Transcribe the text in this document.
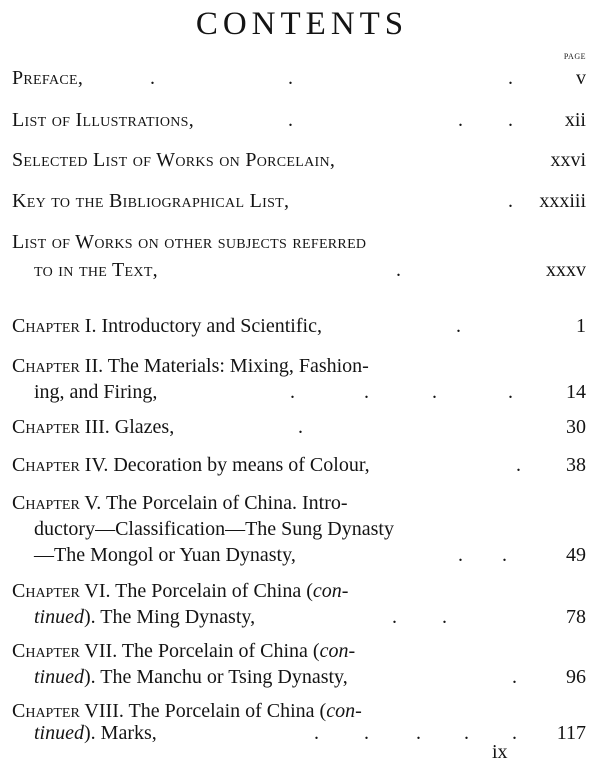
CONTENTS
PAGE
Preface,	.	.	.	v
List of Illustrations,	.	. .	xii
Selected List of Works on Porcelain,	xxvi
Key to the Bibliographical List,	. xxxiii
List of Works on other subjects referred
to in the Text,	.	xxxv
Chapter I. Introductory and Scientific,	.	1
Chapter II. The Materials: Mixing, Fashion-
ing, and Firing,	.	.	.	.	14
Chapter III. Glazes,	.	30
Chapter IV. Decoration by means of Colour,	. 38
Chapter V. The Porcelain of China. Intro-
ductory—Classification—The Sung Dynasty
—The Mongol or Yuan Dynasty,	. .	49
Chapter VI. The Porcelain of China (con-
tinued). The Ming Dynasty,	. .	78
Chapter VII. The Porcelain of China (con-
tinued). The Manchu or Tsing Dynasty,	. 96
Chapter VIII. The Porcelain of China (con-
tinued). Marks,	. . . . . 117
ix
